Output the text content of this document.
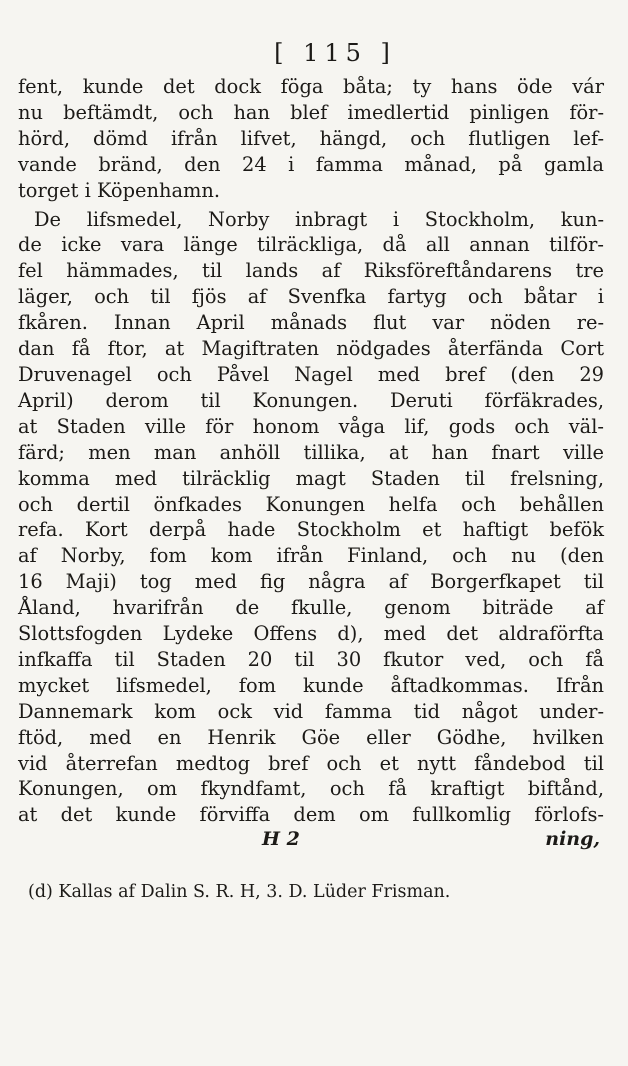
[ 115 ]

fent, kunde det dock föga båta; ty hans öde vár
nu beftämdt, och han blef imedlertid pinligen för-
hörd, dömd ifrån lifvet, hängd, och flutligen lef-
vande bränd, den 24 i famma månad, på gamla
torget i Köpenhamn.

De lifsmedel, Norby inbragt i Stockholm, kun-
de icke vara länge tilräckliga, då all annan tilför-
fel hämmades, til lands af Riksföreftåndarens tre
läger, och til fjös af Svenfka fartyg och båtar i
fkåren. Innan April månads flut var nöden re-
dan få ftor, at Magiftraten nödgades återfända Cort
Druvenagel och Påvel Nagel med bref (den 29
April) derom til Konungen. Deruti förfäkrades,
at Staden ville för honom våga lif, gods och väl-
färd; men man anhöll tillika, at han fnart ville
komma med tilräcklig magt Staden til frelsning,
och dertil önfkades Konungen helfa och behållen
refa. Kort derpå hade Stockholm et haftigt befök
af Norby, fom kom ifrån Finland, och nu (den
16 Maji) tog med fig några af Borgerfkapet til
Åland, hvarifrån de fkulle, genom biträde af
Slottsfogden Lydeke Offens d), med det aldraförfta
infkaffa til Staden 20 til 30 fkutor ved, och få
mycket lifsmedel, fom kunde åftadkommas. Ifrån
Dannemark kom ock vid famma tid något under-
ftöd, med en Henrik Göe eller Gödhe, hvilken
vid återrefan medtog bref och et nytt fåndebod til
Konungen, om fkyndfamt, och få kraftigt biftånd,
at det kunde förviffa dem om fullkomlig förlofs-

H 2	ning,
(d) Kallas af Dalin S. R. H, 3. D. Lüder Frisman.
